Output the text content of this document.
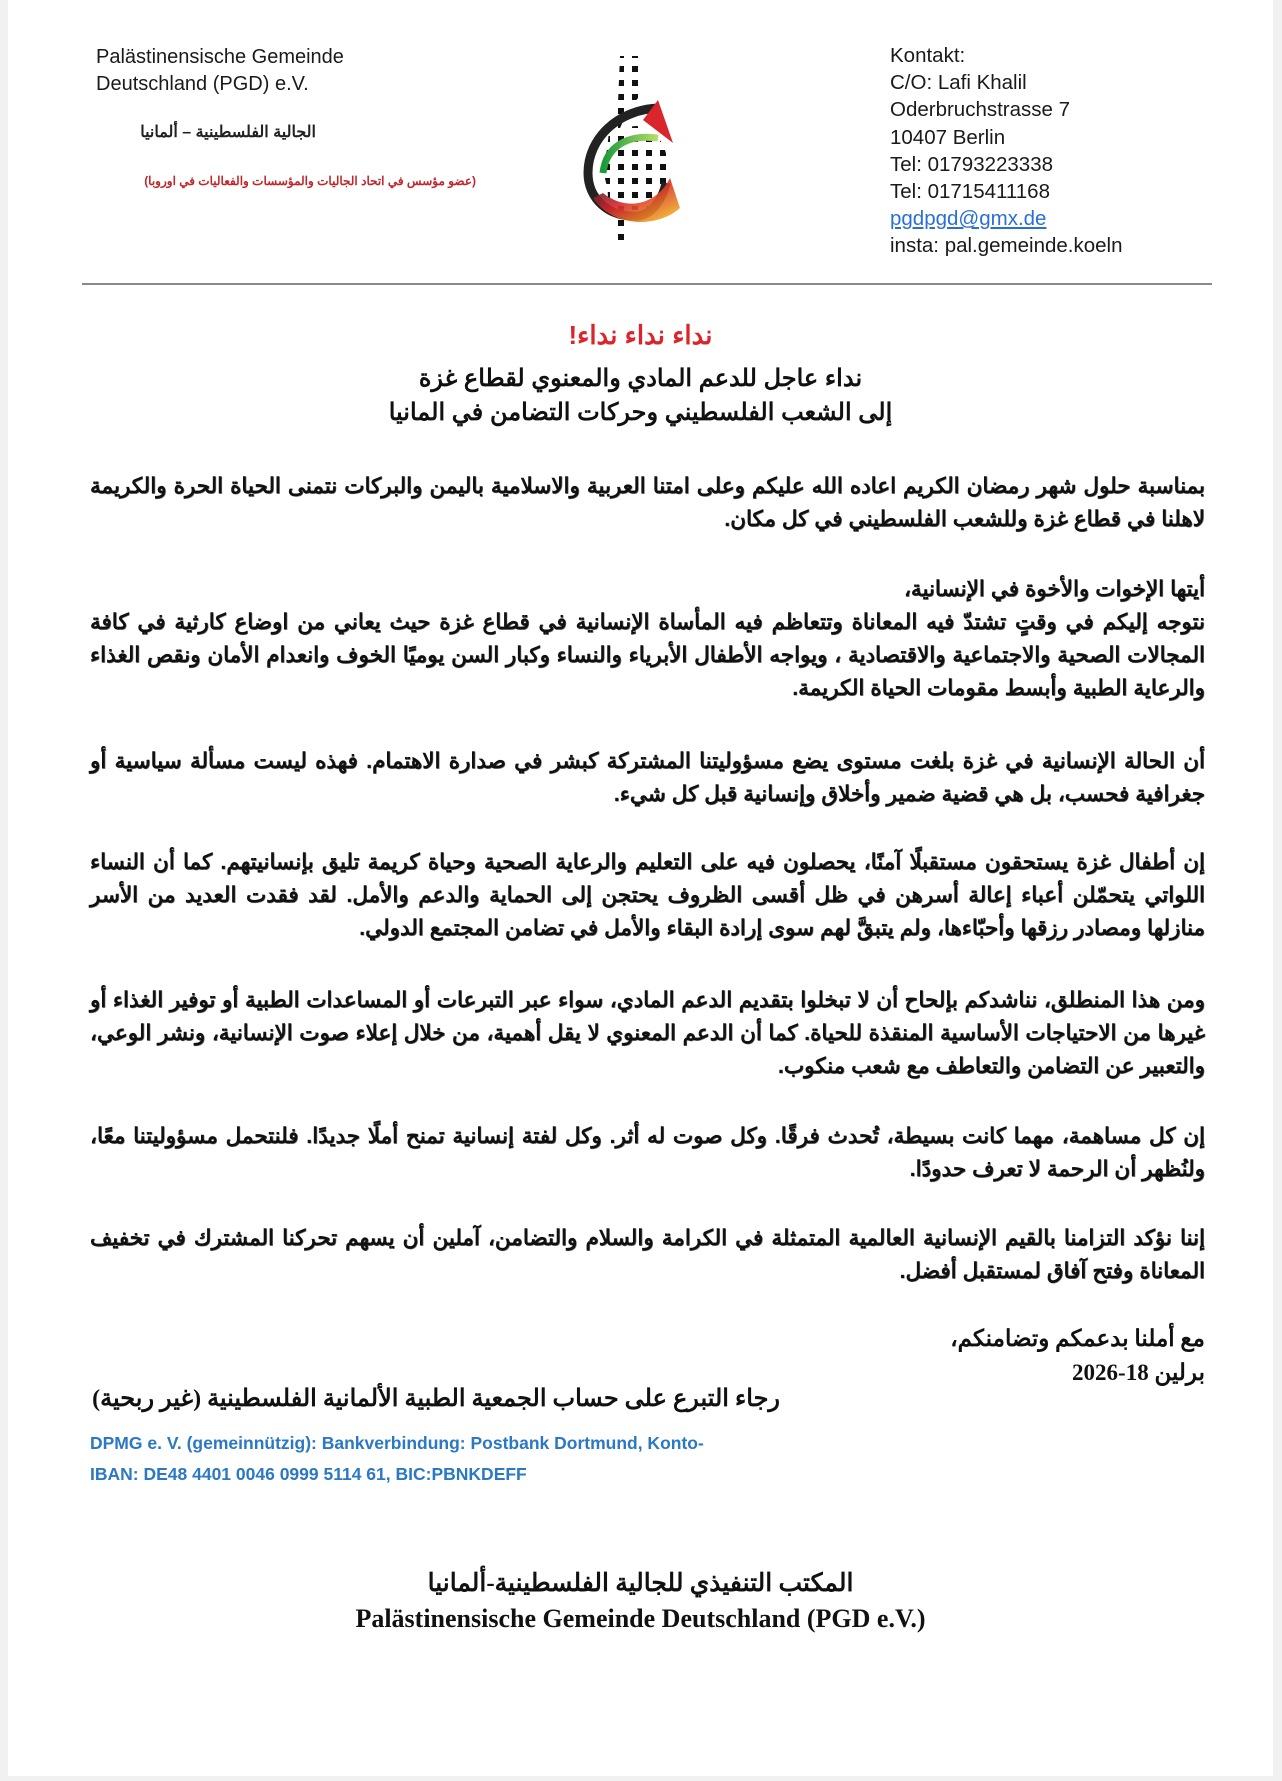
Palästinensische Gemeinde
Deutschland (PGD) e.V.
الجالية الفلسطينية – ألمانيا
(عضو مؤسس في اتحاد الجاليات والمؤسسات والفعاليات في اوروبا)
Kontakt:
C/O: Lafi Khalil
Oderbruchstrasse 7
10407 Berlin
Tel: 01793223338
Tel: 01715411168
pgdpgd@gmx.de
insta: pal.gemeinde.koeln
نداء نداء نداء!
نداء عاجل للدعم المادي والمعنوي لقطاع غزة
إلى الشعب الفلسطيني وحركات التضامن في المانيا
بمناسبة حلول شهر رمضان الكريم اعاده الله عليكم وعلى امتنا العربية والاسلامية باليمن والبركات نتمنى الحياة الحرة والكريمة لاهلنا في قطاع غزة وللشعب الفلسطيني في كل مكان.
أيتها الإخوات والأخوة في الإنسانية،
نتوجه إليكم في وقتٍ تشتدّ فيه المعاناة وتتعاظم فيه المأساة الإنسانية في قطاع غزة حيث يعاني من اوضاع كارثية في كافة المجالات الصحية والاجتماعية والاقتصادية ، ويواجه الأطفال الأبرياء والنساء وكبار السن يوميًا الخوف وانعدام الأمان ونقص الغذاء والرعاية الطبية وأبسط مقومات الحياة الكريمة.
أن الحالة الإنسانية في غزة بلغت مستوى يضع مسؤوليتنا المشتركة كبشر في صدارة الاهتمام. فهذه ليست مسألة سياسية أو جغرافية فحسب، بل هي قضية ضمير وأخلاق وإنسانية قبل كل شيء.
إن أطفال غزة يستحقون مستقبلًا آمنًا، يحصلون فيه على التعليم والرعاية الصحية وحياة كريمة تليق بإنسانيتهم. كما أن النساء اللواتي يتحمّلن أعباء إعالة أسرهن في ظل أقسى الظروف يحتجن إلى الحماية والدعم والأمل. لقد فقدت العديد من الأسر منازلها ومصادر رزقها وأحبّاءها، ولم يتبقَّ لهم سوى إرادة البقاء والأمل في تضامن المجتمع الدولي.
ومن هذا المنطلق، نناشدكم بإلحاح أن لا تبخلوا بتقديم الدعم المادي، سواء عبر التبرعات أو المساعدات الطبية أو توفير الغذاء أو غيرها من الاحتياجات الأساسية المنقذة للحياة. كما أن الدعم المعنوي لا يقل أهمية، من خلال إعلاء صوت الإنسانية، ونشر الوعي، والتعبير عن التضامن والتعاطف مع شعب منكوب.
إن كل مساهمة، مهما كانت بسيطة، تُحدث فرقًا. وكل صوت له أثر. وكل لفتة إنسانية تمنح أملًا جديدًا. فلنتحمل مسؤوليتنا معًا، ولنُظهر أن الرحمة لا تعرف حدودًا.
إننا نؤكد التزامنا بالقيم الإنسانية العالمية المتمثلة في الكرامة والسلام والتضامن، آملين أن يسهم تحركنا المشترك في تخفيف المعاناة وفتح آفاق لمستقبل أفضل.
مع أملنا بدعمكم وتضامنكم،
برلين 18-2026
رجاء التبرع على حساب الجمعية الطبية الألمانية الفلسطينية (غير ربحية)
DPMG e. V. (gemeinnützig): Bankverbindung: Postbank Dortmund, Konto-
IBAN: DE48 4401 0046 0999 5114 61, BIC:PBNKDEFF
المكتب التنفيذي للجالية الفلسطينية-ألمانيا
Palästinensische Gemeinde Deutschland (PGD e.V.)
